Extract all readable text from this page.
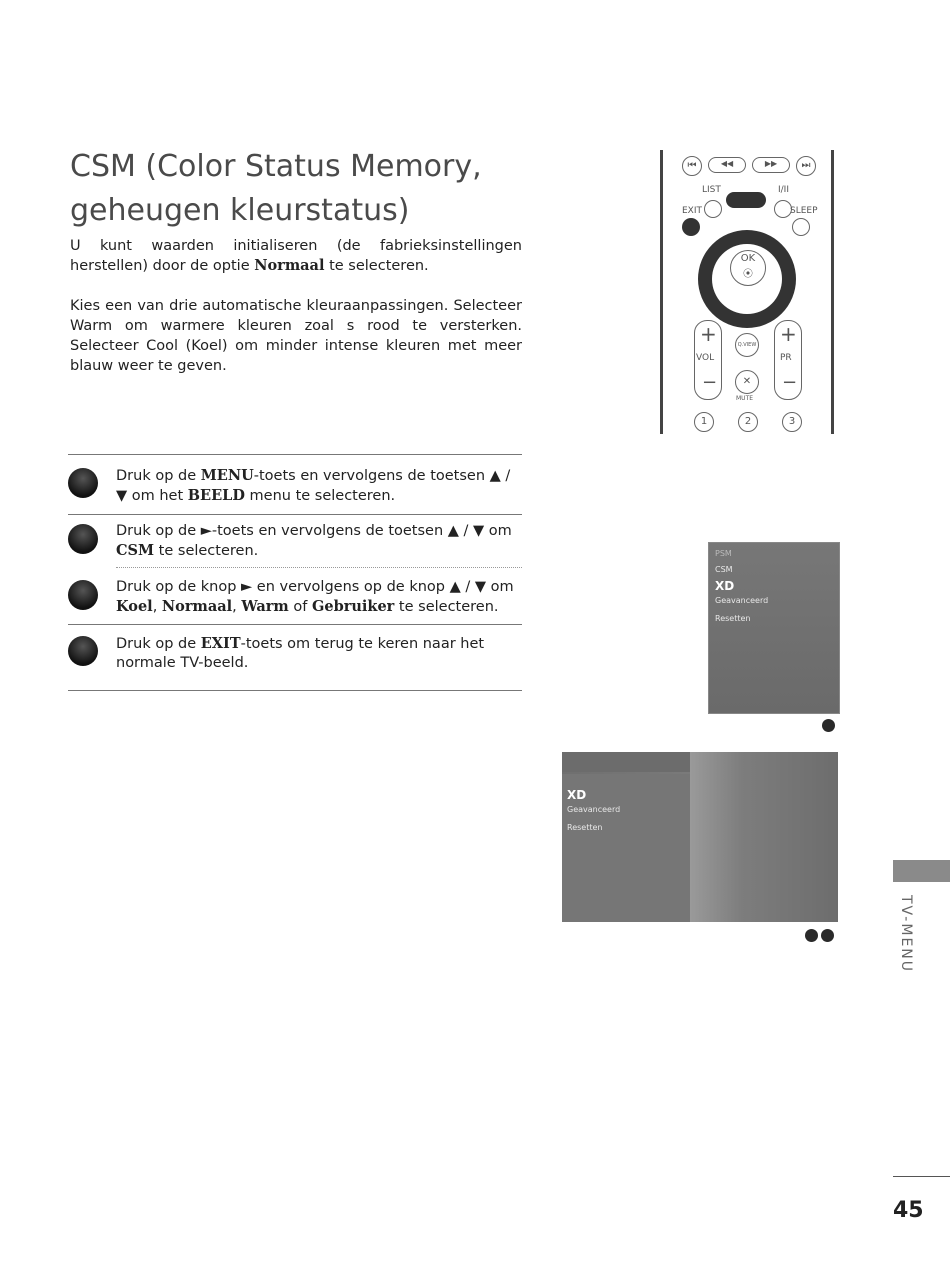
CSM (Color Status Memory,
geheugen kleurstatus)

U kunt waarden initialiseren (de fabrieksinstellingen herstellen) door de optie Normaal te selecteren.

Kies een van drie automatische kleuraanpassingen. Selecteer Warm om warmere kleuren zoal s rood te versterken. Selecteer Cool (Koel) om minder intense kleuren met meer blauw weer te geven.

Druk op de MENU-toets en vervolgens de toetsen ▲ / ▼ om het BEELD menu te selecteren.
Druk op de ►-toets en vervolgens de toetsen ▲ / ▼ om CSM te selecteren.
Druk op de knop ► en vervolgens op de knop ▲ / ▼ om Koel, Normaal, Warm of Gebruiker te selecteren.
Druk op de EXIT-toets om terug te keren naar het normale TV-beeld.
⏮	◀◀	▶▶	⏭
LIST	I/II
EXIT	SLEEP
OK
⦿
+
VOL
−
+
PR
−
Q.VIEW
✕
MUTE
1	2	3
PSM
CSM
XD
Geavanceerd
Resetten
XD
Geavanceerd
Resetten
TV-MENU
45
